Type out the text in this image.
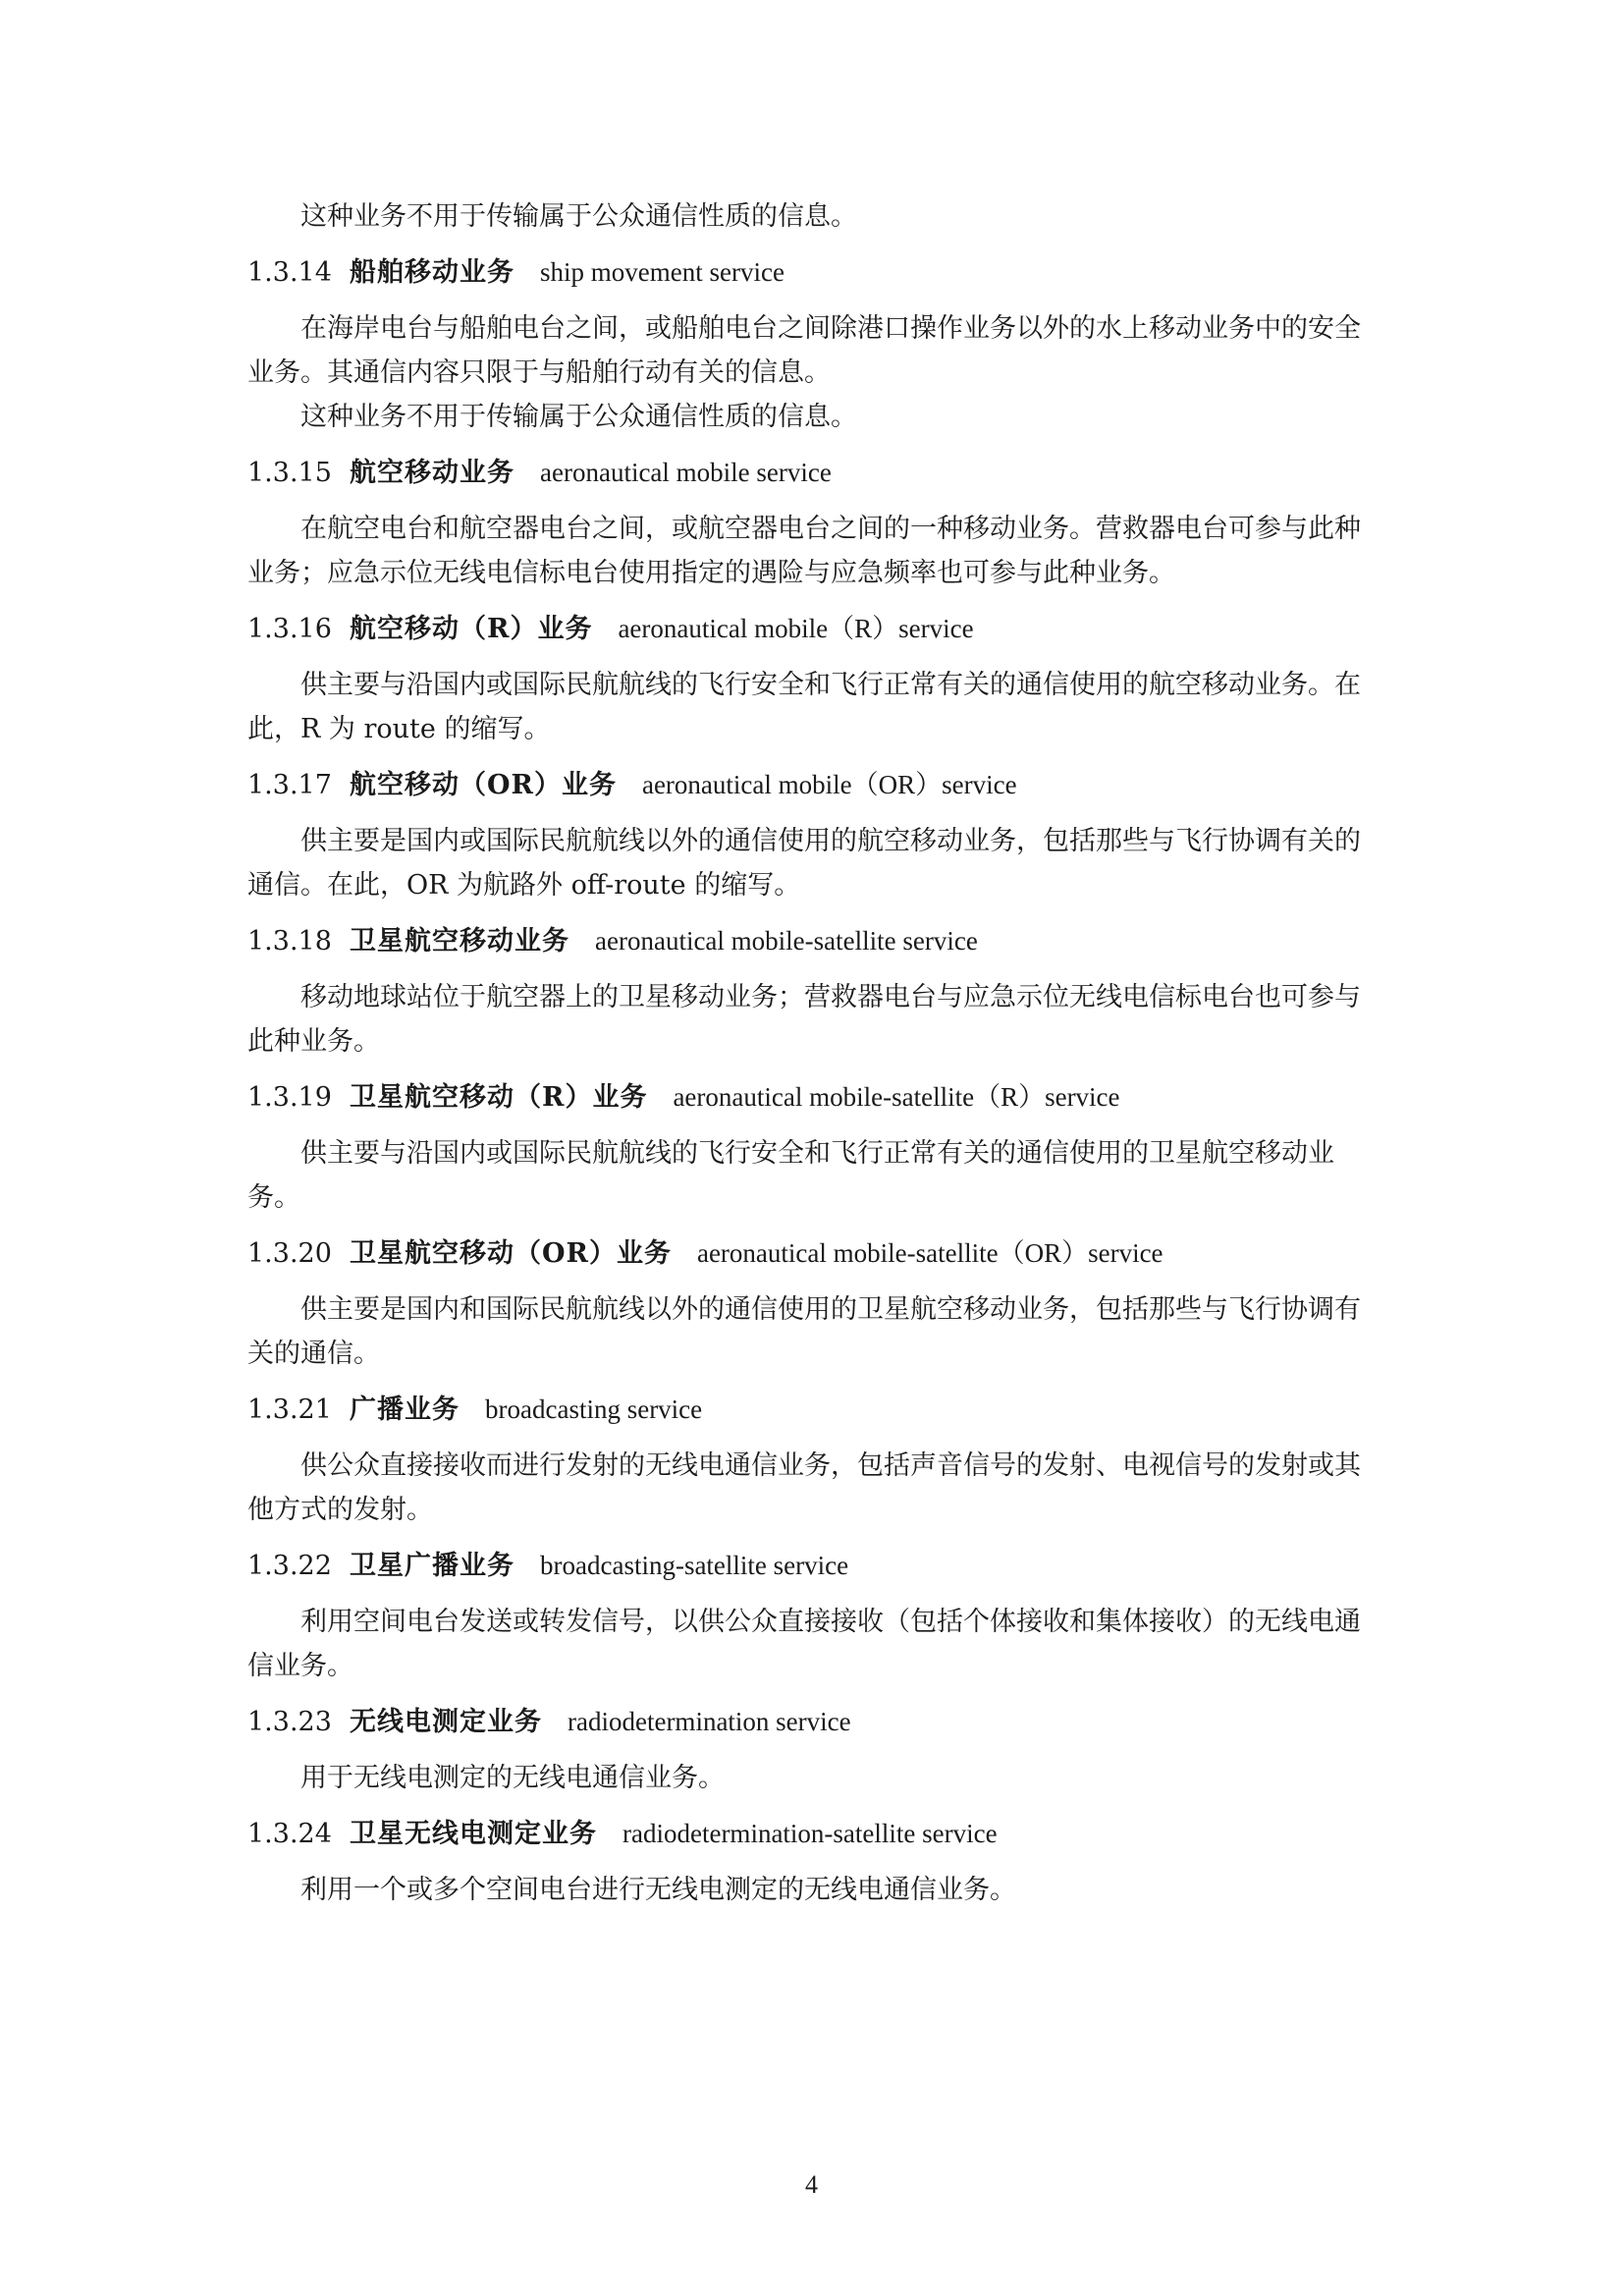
这种业务不用于传输属于公众通信性质的信息。

1.3.14 船舶移动业务 ship movement service

在海岸电台与船舶电台之间，或船舶电台之间除港口操作业务以外的水上移动业务中的安全业务。其通信内容只限于与船舶行动有关的信息。

这种业务不用于传输属于公众通信性质的信息。

1.3.15 航空移动业务 aeronautical mobile service

在航空电台和航空器电台之间，或航空器电台之间的一种移动业务。营救器电台可参与此种业务；应急示位无线电信标电台使用指定的遇险与应急频率也可参与此种业务。

1.3.16 航空移动（R）业务 aeronautical mobile（R）service

供主要与沿国内或国际民航航线的飞行安全和飞行正常有关的通信使用的航空移动业务。在此，R 为 route 的缩写。

1.3.17 航空移动（OR）业务 aeronautical mobile（OR）service

供主要是国内或国际民航航线以外的通信使用的航空移动业务，包括那些与飞行协调有关的通信。在此，OR 为航路外 off-route 的缩写。

1.3.18 卫星航空移动业务 aeronautical mobile-satellite service

移动地球站位于航空器上的卫星移动业务；营救器电台与应急示位无线电信标电台也可参与此种业务。

1.3.19 卫星航空移动（R）业务 aeronautical mobile-satellite（R）service

供主要与沿国内或国际民航航线的飞行安全和飞行正常有关的通信使用的卫星航空移动业务。

1.3.20 卫星航空移动（OR）业务 aeronautical mobile-satellite（OR）service

供主要是国内和国际民航航线以外的通信使用的卫星航空移动业务，包括那些与飞行协调有关的通信。

1.3.21 广播业务 broadcasting service

供公众直接接收而进行发射的无线电通信业务，包括声音信号的发射、电视信号的发射或其他方式的发射。

1.3.22 卫星广播业务 broadcasting-satellite service

利用空间电台发送或转发信号，以供公众直接接收（包括个体接收和集体接收）的无线电通信业务。

1.3.23 无线电测定业务 radiodetermination service

用于无线电测定的无线电通信业务。

1.3.24 卫星无线电测定业务 radiodetermination-satellite service

利用一个或多个空间电台进行无线电测定的无线电通信业务。

4
